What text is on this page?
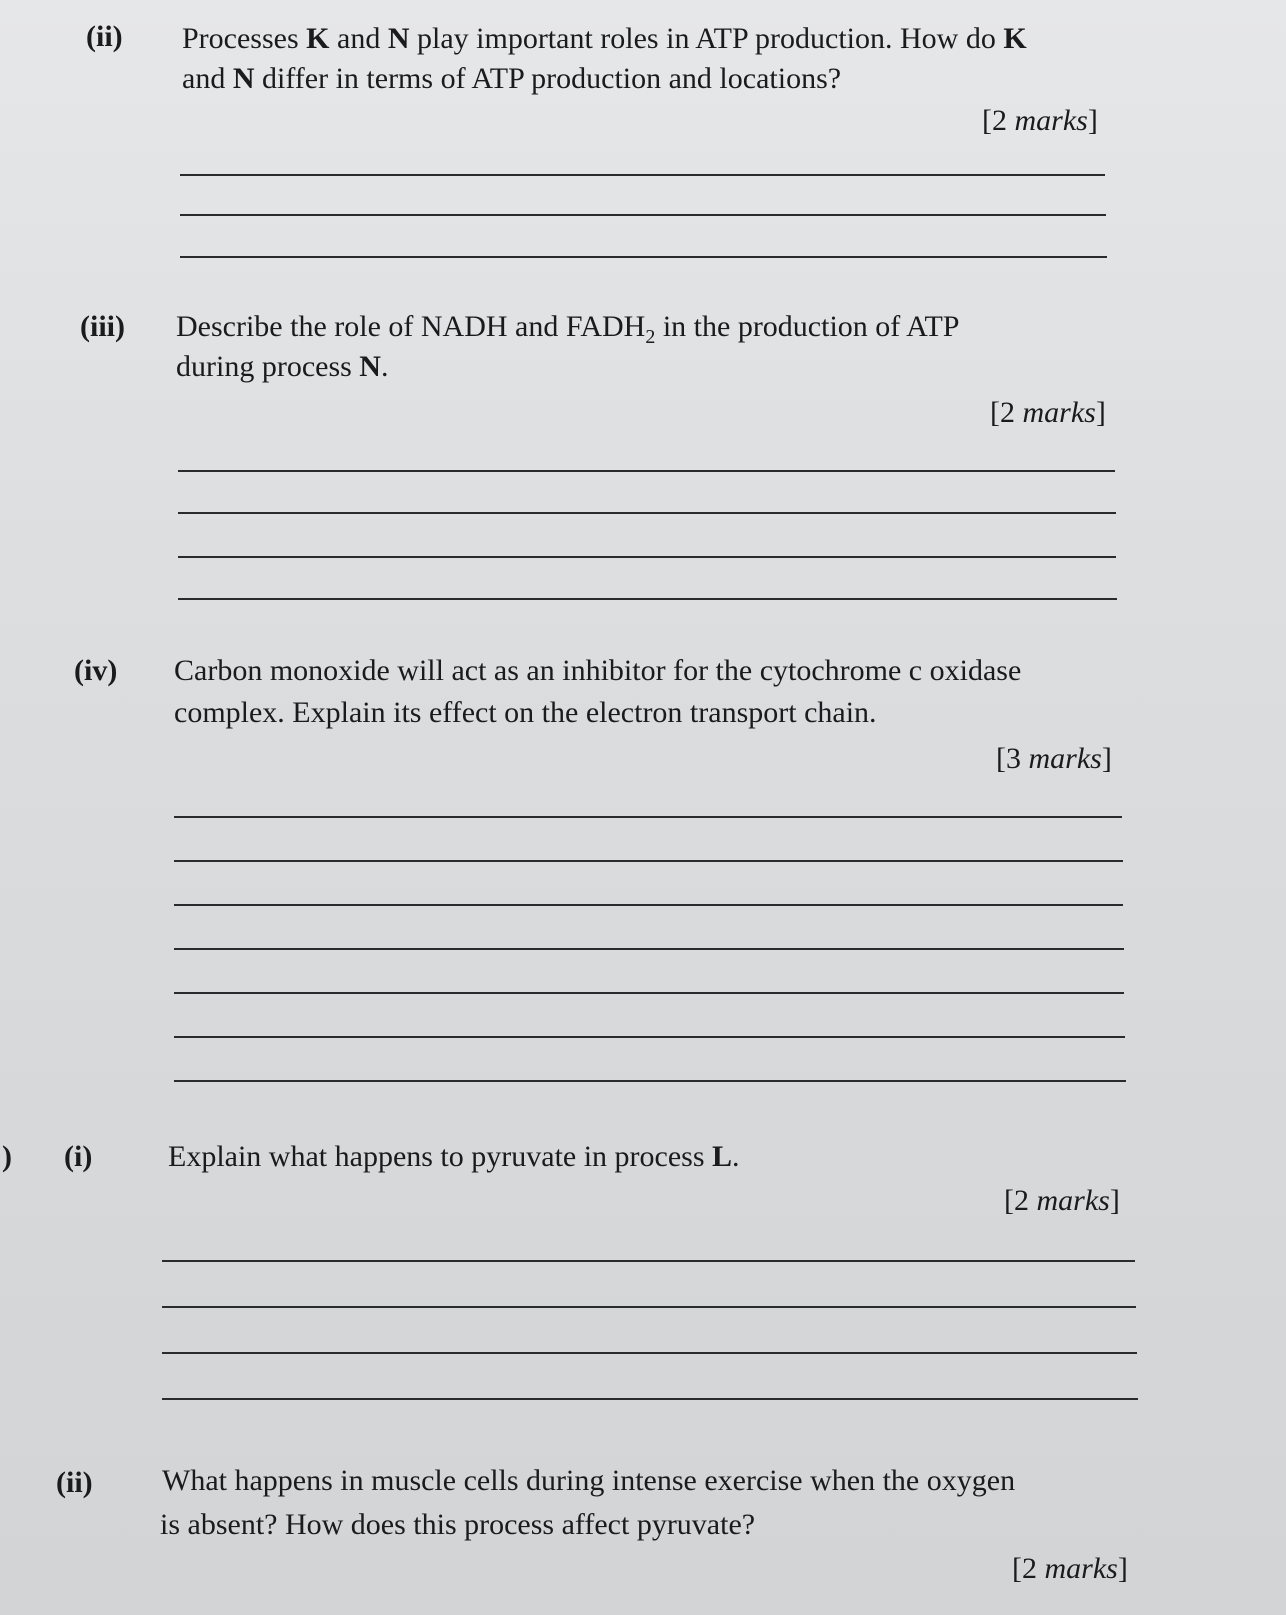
(ii) Processes K and N play important roles in ATP production. How do K
and N differ in terms of ATP production and locations?
[2 marks]
(iii) Describe the role of NADH and $FADH_2$ in the production of ATP
during process N.
[2 marks]
(iv) Carbon monoxide will act as an inhibitor for the cytochrome c oxidase
complex. Explain its effect on the electron transport chain.
[3 marks]
) (i)	Explain what happens to pyruvate in process L.
[2 marks]
(ii) What happens in muscle cells during intense exercise when the oxygen
is absent? How does this process affect pyruvate?
[2 marks]
